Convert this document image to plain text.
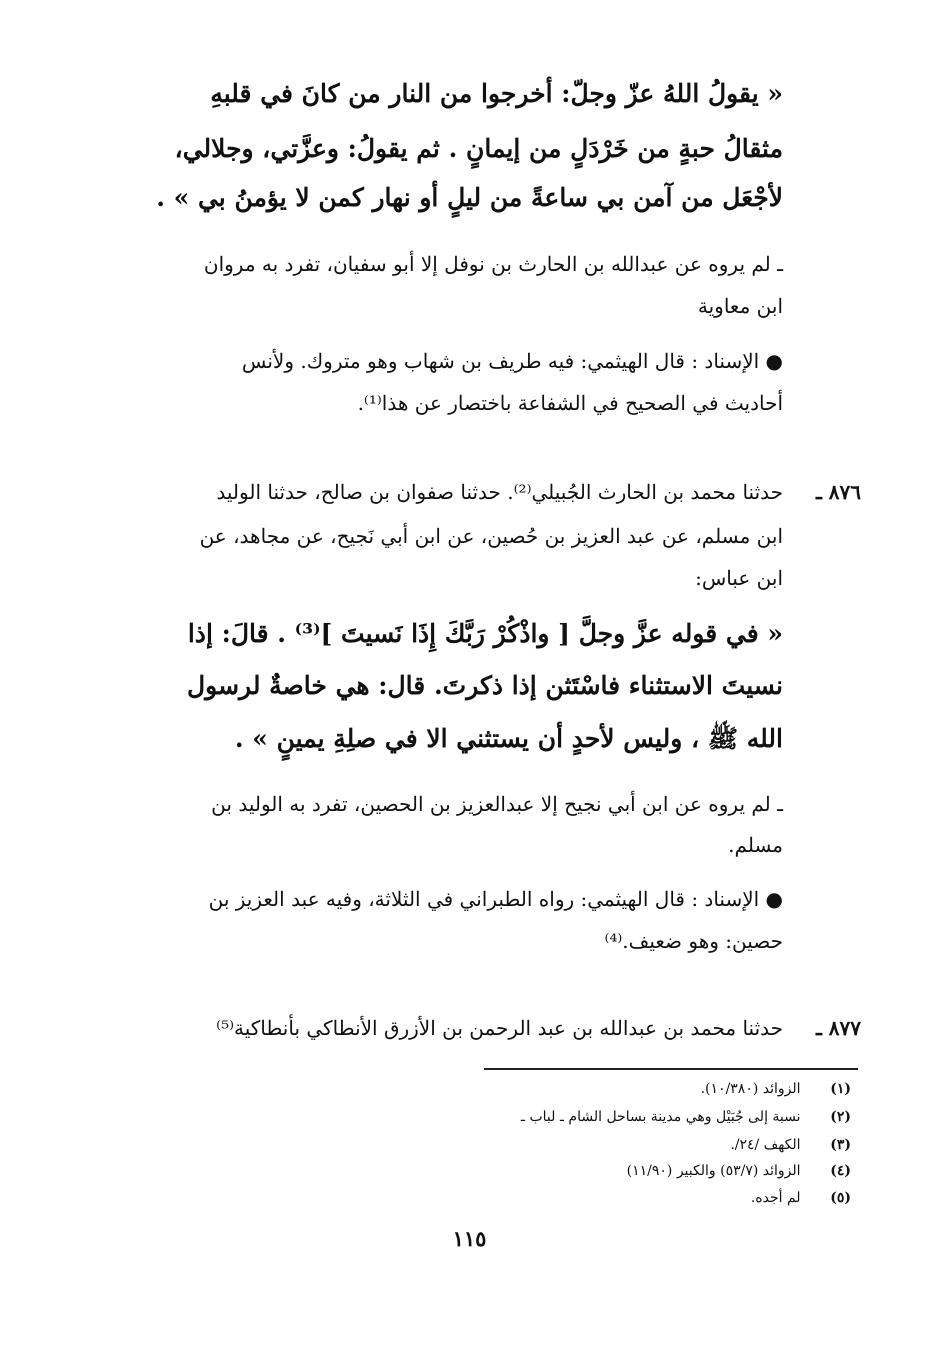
« يقولُ اللهُ عزّ وجلّ: أخرجوا من النار من كانَ في قلبهِ
مثقالُ حبةٍ من خَرْدَلٍ من إيمانٍ . ثم يقولُ: وعزَّتي، وجلالي،
لأجْعَل من آمن بي ساعةً من ليلٍ أو نهار كمن لا يؤمنُ بي » .
ـ لم يروه عن عبدالله بن الحارث بن نوفل إلا أبو سفيان، تفرد به مروان
ابن معاوية
● الإسناد : قال الهيثمي: فيه طريف بن شهاب وهو متروك. ولأنس
أحاديث في الصحيح في الشفاعة باختصار عن هذا⁽¹⁾.
٨٧٦ ـ
حدثنا محمد بن الحارث الجُبيلي⁽²⁾. حدثنا صفوان بن صالح، حدثنا الوليد
ابن مسلم، عن عبد العزيز بن حُصين، عن ابن أبي نَجيح، عن مجاهد، عن
ابن عباس:
« في قوله عزَّ وجلَّ [ واذْكُرْ رَبَّكَ إِذَا نَسيتَ ]⁽³⁾ . قالَ: إذا
نسيتَ الاستثناء فاسْتَثن إذا ذكرتَ. قال: هي خاصةٌ لرسول
الله ﷺ ، وليس لأحدٍ أن يستثني الا في صلِةِ يمينٍ » .
ـ لم يروه عن ابن أبي نجيح إلا عبدالعزيز بن الحصين، تفرد به الوليد بن
مسلم.
● الإسناد : قال الهيثمي: رواه الطبراني في الثلاثة، وفيه عبد العزيز بن
حصين: وهو ضعيف.⁽⁴⁾
٨٧٧ ـ
حدثنا محمد بن عبدالله بن عبد الرحمن بن الأزرق الأنطاكي بأنطاكية⁽⁵⁾
(١) الزوائد (١٠/٣٨٠).
(٢) نسبة إلى جُبَيْل وهي مدينة بساحل الشام ـ لباب ـ
(٣) الكهف /٢٤/.
(٤) الزوائد (٥٣/٧) والكبير (١١/٩٠)
(٥) لم أجده.
١١٥
